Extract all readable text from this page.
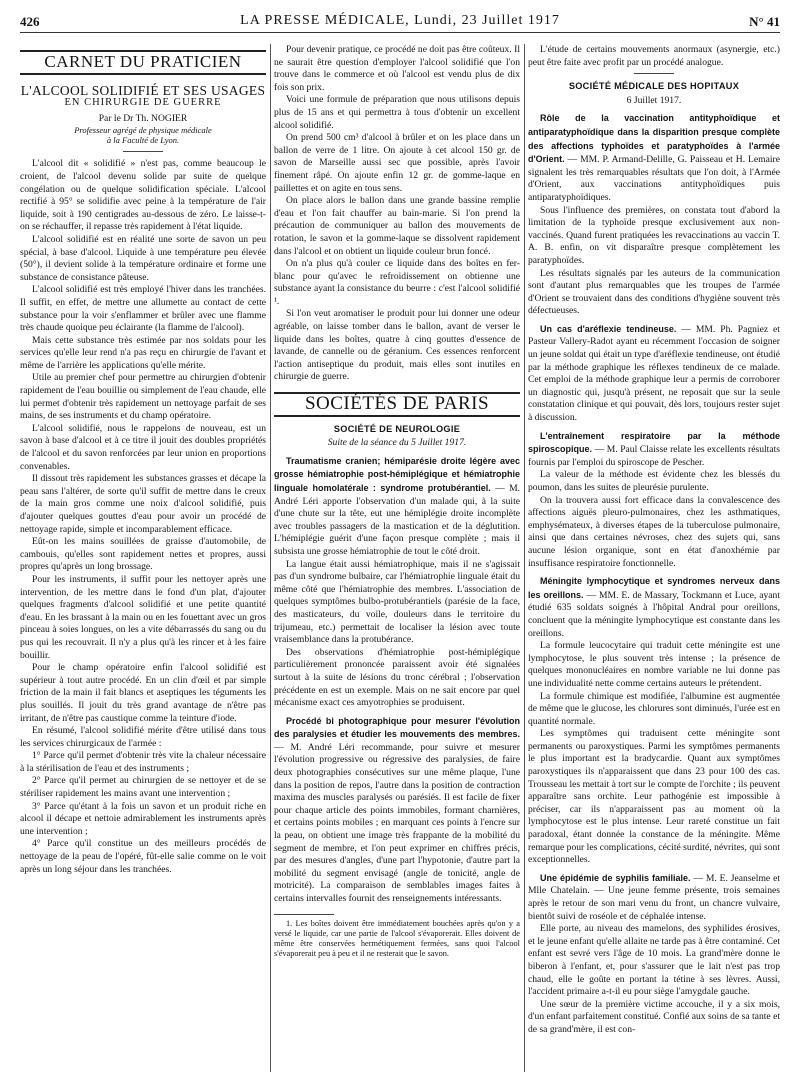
426	LA PRESSE MÉDICALE, Lundi, 23 Juillet 1917	N° 41
CARNET DU PRATICIEN
L'ALCOOL SOLIDIFIÉ ET SES USAGES
EN CHIRURGIE DE GUERRE
Par le Dr Th. NOGIER
Professeur agrégé de physique médicale
à la Faculté de Lyon.

L'alcool dit « solidifié » n'est pas, comme beaucoup le croient, de l'alcool devenu solide par suite de quelque congélation ou de quelque solidification spéciale. L'alcool rectifié à 95° se solidifie avec peine à la température de l'air liquide, soit à 190 centigrades au-dessous de zéro. Le laisse-t-on se réchauffer, il repasse très rapidement à l'état liquide.

L'alcool solidifié est en réalité une sorte de savon un peu spécial, à base d'alcool. Liquide à une température peu élevée (50°), il devient solide à la température ordinaire et forme une substance de consistance pâteuse.

L'alcool solidifié est très employé l'hiver dans les tranchées. Il suffit, en effet, de mettre une allumette au contact de cette substance pour la voir s'enflammer et brûler avec une flamme très chaude quoique peu éclairante (la flamme de l'alcool).

Mais cette substance très estimée par nos soldats pour les services qu'elle leur rend n'a pas reçu en chirurgie de l'avant et même de l'arrière les applications qu'elle mérite.

Utile au premier chef pour permettre au chirurgien d'obtenir rapidement de l'eau bouillie ou simplement de l'eau chaude, elle lui permet d'obtenir très rapidement un nettoyage parfait de ses mains, de ses instruments et du champ opératoire.

L'alcool solidifié, nous le rappelons de nouveau, est un savon à base d'alcool et à ce titre il jouit des doubles propriétés de l'alcool et du savon renforcées par leur union en proportions convenables.

Il dissout très rapidement les substances grasses et décape la peau sans l'altérer, de sorte qu'il suffit de mettre dans le creux de la main gros comme une noix d'alcool solidifié, puis d'ajouter quelques gouttes d'eau pour avoir un procédé de nettoyage rapide, simple et incomparablement efficace.

Eût-on les mains souillées de graisse d'automobile, de cambouis, qu'elles sont rapidement nettes et propres, aussi propres qu'après un long brossage.

Pour les instruments, il suffit pour les nettoyer après une intervention, de les mettre dans le fond d'un plat, d'ajouter quelques fragments d'alcool solidifié et une petite quantité d'eau. En les brassant à la main ou en les fouettant avec un gros pinceau à soies longues, on les a vite débarrassés du sang ou du pus qui les recouvrait. Il n'y a plus qu'à les rincer et à les faire bouillir.

Pour le champ opératoire enfin l'alcool solidifié est supérieur à tout autre procédé. En un clin d'œil et par simple friction de la main il fait blancs et aseptiques les téguments les plus souillés. Il jouit du très grand avantage de n'être pas irritant, de n'être pas caustique comme la teinture d'iode.

En résumé, l'alcool solidifié mérite d'être utilisé dans tous les services chirurgicaux de l'armée :

1° Parce qu'il permet d'obtenir très vite la chaleur nécessaire à la stérilisation de l'eau et des instruments ;

2° Parce qu'il permet au chirurgien de se nettoyer et de se stériliser rapidement les mains avant une intervention ;

3° Parce qu'étant à la fois un savon et un produit riche en alcool il décape et nettoie admirablement les instruments après une intervention ;

4° Parce qu'il constitue un des meilleurs procédés de nettoyage de la peau de l'opéré, fût-elle salie comme on le voit après un long séjour dans les tranchées.

Pour devenir pratique, ce procédé ne doit pas être coûteux. Il ne saurait être question d'employer l'alcool solidifié que l'on trouve dans le commerce et où l'alcool est vendu plus de dix fois son prix.

Voici une formule de préparation que nous utilisons depuis plus de 15 ans et qui permettra à tous d'obtenir un excellent alcool solidifié.

On prend 500 cm³ d'alcool à brûler et on les place dans un ballon de verre de 1 litre. On ajoute à cet alcool 150 gr. de savon de Marseille aussi sec que possible, après l'avoir finement râpé. On ajoute enfin 12 gr. de gomme-laque en paillettes et on agite en tous sens.

On place alors le ballon dans une grande bassine remplie d'eau et l'on fait chauffer au bain-marie. Si l'on prend la précaution de communiquer au ballon des mouvements de rotation, le savon et la gomme-laque se dissolvent rapidement dans l'alcool et on obtient un liquide couleur brun foncé.

On n'a plus qu'à couler ce liquide dans des boîtes en fer-blanc pour qu'avec le refroidissement on obtienne une substance ayant la consistance du beurre : c'est l'alcool solidifié ¹.

Si l'on veut aromatiser le produit pour lui donner une odeur agréable, on laisse tomber dans le ballon, avant de verser le liquide dans les boîtes, quatre à cinq gouttes d'essence de lavande, de cannelle ou de géranium. Ces essences renforcent l'action antiseptique du produit, mais elles sont inutiles en chirurgie de guerre.

SOCIÉTÉS DE PARIS
SOCIÉTÉ DE NEUROLOGIE
Suite de la séance du 5 Juillet 1917.

Traumatisme cranien; hémiparésie droite légère avec grosse hémiatrophie post-hémiplégique et hémiatrophie linguale homolatérale : syndrome protubérantiel. — M. André Léri apporte l'observation d'un malade qui, à la suite d'une chute sur la tête, eut une hémiplégie droite incomplète avec troubles passagers de la mastication et de la déglutition. L'hémiplégie guérit d'une façon presque complète ; mais il subsista une grosse hémiatrophie de tout le côté droit.

La langue était aussi hémiatrophique, mais il ne s'agissait pas d'un syndrome bulbaire, car l'hémiatrophie linguale était du même côté que l'hémiatrophie des membres. L'association de quelques symptômes bulbo-protubérantiels (parésie de la face, des masticateurs, du voile, douleurs dans le territoire du trijumeau, etc.) permettait de localiser la lésion avec toute vraisemblance dans la protubérance.

Des observations d'hémiatrophie post-hémiplégique particulièrement prononcée paraissent avoir été signalées surtout à la suite de lésions du tronc cérébral ; l'observation précédente en est un exemple. Mais on ne sait encore par quel mécanisme exact ces amyotrophies se produisent.

Procédé bi photographique pour mesurer l'évolution des paralysies et étudier les mouvements des membres. — M. André Léri recommande, pour suivre et mesurer l'évolution progressive ou régressive des paralysies, de faire deux photographies consécutives sur une même plaque, l'une dans la position de repos, l'autre dans la position de contraction maxima des muscles paralysés ou parésiés. Il est facile de fixer pour chaque article des points immobiles, formant charnières, et certains points mobiles ; en marquant ces points à l'encre sur la peau, on obtient une image très frappante de la mobilité du segment de membre, et l'on peut exprimer en chiffres précis, par des mesures d'angles, d'une part l'hypotonie, d'autre part la mobilité du segment envisagé (angle de tonicité, angle de motricité). La comparaison de semblables images faites à certains intervalles fournit des renseignements intéressants.

1. Les boîtes doivent être immédiatement bouchées après qu'on y a versé le liquide, car une partie de l'alcool s'évaporerait. Elles doivent de même être conservées hermétiquement fermées, sans quoi l'alcool s'évaporerait peu à peu et il ne resterait que le savon.

L'étude de certains mouvements anormaux (asynergie, etc.) peut être faite avec profit par un procédé analogue.

SOCIÉTÉ MÉDICALE DES HOPITAUX
6 Juillet 1917.

Rôle de la vaccination antityphoïdique et antiparatyphoïdique dans la disparition presque complète des affections typhoïdes et paratyphoïdes à l'armée d'Orient. — MM. P. Armand-Delille, G. Paisseau et H. Lemaire signalent les très remarquables résultats que l'on doit, à l'Armée d'Orient, aux vaccinations antityphoïdiques puis antiparatyphoïdiques.

Sous l'influence des premières, on constata tout d'abord la limitation de la typhoïde presque exclusivement aux non-vaccinés. Quand furent pratiquées les revaccinations au vaccin T. A. B. enfin, on vit disparaître presque complètement les paratyphoïdes.

Les résultats signalés par les auteurs de la communication sont d'autant plus remarquables que les troupes de l'armée d'Orient se trouvaient dans des conditions d'hygiène souvent très défectueuses.

Un cas d'aréflexie tendineuse. — MM. Ph. Pagniez et Pasteur Vallery-Radot ayant eu récemment l'occasion de soigner un jeune soldat qui était un type d'aréflexie tendineuse, ont étudié par la méthode graphique les réflexes tendineux de ce malade. Cet emploi de la méthode graphique leur a permis de corroborer un diagnostic qui, jusqu'à présent, ne reposait que sur la seule constatation clinique et qui pouvait, dès lors, toujours rester sujet à discussion.

L'entraînement respiratoire par la méthode spiroscopique. — M. Paul Claisse relate les excellents résultats fournis par l'emploi du spiroscope de Pescher.

La valeur de la méthode est évidente chez les blessés du poumon, dans les suites de pleurésie purulente.

On la trouvera aussi fort efficace dans la convalescence des affections aiguës pleuro-pulmonaires, chez les asthmatiques, emphysémateux, à diverses étapes de la tuberculose pulmonaire, ainsi que dans certaines névroses, chez des sujets qui, sans aucune lésion organique, sont en état d'anoxhémie par insuffisance respiratoire fonctionnelle.

Méningite lymphocytique et syndromes nerveux dans les oreillons. — MM. E. de Massary, Tockmann et Luce, ayant étudié 635 soldats soignés à l'hôpital Andral pour oreillons, concluent que la méningite lymphocytique est constante dans les oreillons.

La formule leucocytaire qui traduit cette méningite est une lymphocytose, le plus souvent très intense ; la présence de quelques mononucléaires en nombre variable ne lui donne pas une individualité nette comme certains auteurs le prétendent.

La formule chimique est modifiée, l'albumine est augmentée de même que le glucose, les chlorures sont diminués, l'urée est en quantité normale.

Les symptômes qui traduisent cette méningite sont permanents ou paroxystiques. Parmi les symptômes permanents le plus important est la bradycardie. Quant aux symptômes paroxystiques ils n'apparaissent que dans 23 pour 100 des cas. Trousseau les mettait à tort sur le compte de l'orchite ; ils peuvent apparaître sans orchite. Leur pathogénie est impossible à préciser, car ils n'apparaissent pas au moment où la lymphocytose est le plus intense. Leur rareté constitue un fait paradoxal, étant donnée la constance de la méningite. Même remarque pour les complications, cécité surdité, névrites, qui sont exceptionnelles.

Une épidémie de syphilis familiale. — M. E. Jeanselme et Mlle Chatelain. — Une jeune femme présente, trois semaines après le retour de son mari venu du front, un chancre vulvaire, bientôt suivi de roséole et de céphalée intense.

Elle porte, au niveau des mamelons, des syphilides érosives, et le jeune enfant qu'elle allaite ne tarde pas à être contaminé. Cet enfant est sevré vers l'âge de 10 mois. La grand'mère donne le biberon à l'enfant, et, pour s'assurer que le lait n'est pas trop chaud, elle le goûte en portant la tétine à ses lèvres. Aussi, l'accident primaire a-t-il eu pour siège l'amygdale gauche.

Une sœur de la première victime accouche, il y a six mois, d'un enfant parfaitement constitué. Confié aux soins de sa tante et de sa grand'mère, il est con-
